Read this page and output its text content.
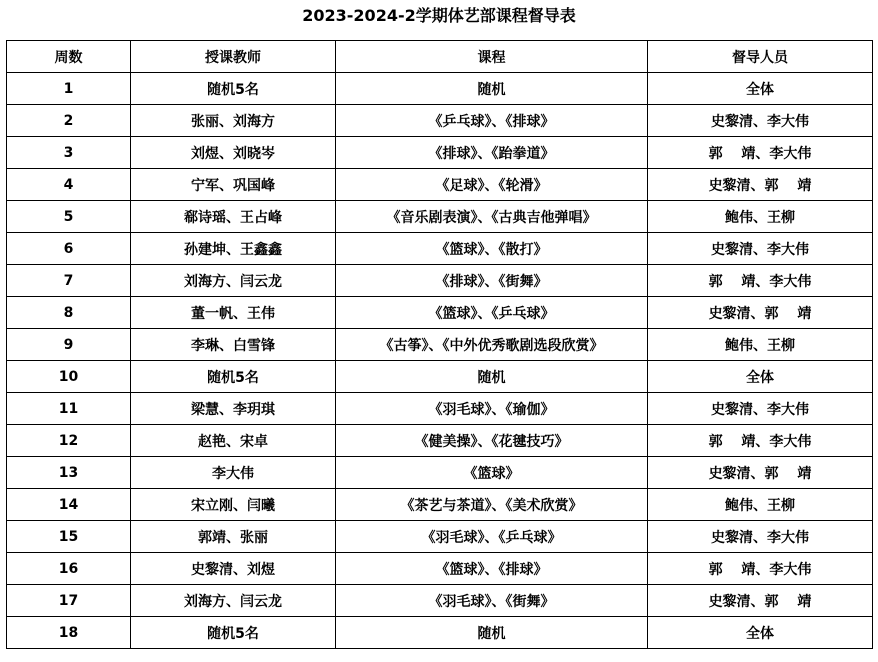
2023-2024-2学期体艺部课程督导表
周数	授课教师	课程	督导人员
1	随机5名	随机	全体
2	张丽、刘海方	《乒乓球》、《排球》	史黎清、李大伟
3	刘煜、刘晓岑	《排球》、《跆拳道》	郭　 靖、李大伟
4	宁军、巩国峰	《足球》、《轮滑》	史黎清、郭　 靖
5	郗诗瑶、王占峰	《音乐剧表演》、《古典吉他弹唱》	鲍伟、王柳
6	孙建坤、王鑫鑫	《篮球》、《散打》	史黎清、李大伟
7	刘海方、闫云龙	《排球》、《街舞》	郭　 靖、李大伟
8	董一帆、王伟	《篮球》、《乒乓球》	史黎清、郭　 靖
9	李琳、白雪锋	《古筝》、《中外优秀歌剧选段欣赏》	鲍伟、王柳
10	随机5名	随机	全体
11	梁慧、李玥琪	《羽毛球》、《瑜伽》	史黎清、李大伟
12	赵艳、宋卓	《健美操》、《花毽技巧》	郭　 靖、李大伟
13	李大伟	《篮球》	史黎清、郭　 靖
14	宋立刚、闫曦	《茶艺与茶道》、《美术欣赏》	鲍伟、王柳
15	郭靖、张丽	《羽毛球》、《乒乓球》	史黎清、李大伟
16	史黎清、刘煜	《篮球》、《排球》	郭　 靖、李大伟
17	刘海方、闫云龙	《羽毛球》、《街舞》	史黎清、郭　 靖
18	随机5名	随机	全体
